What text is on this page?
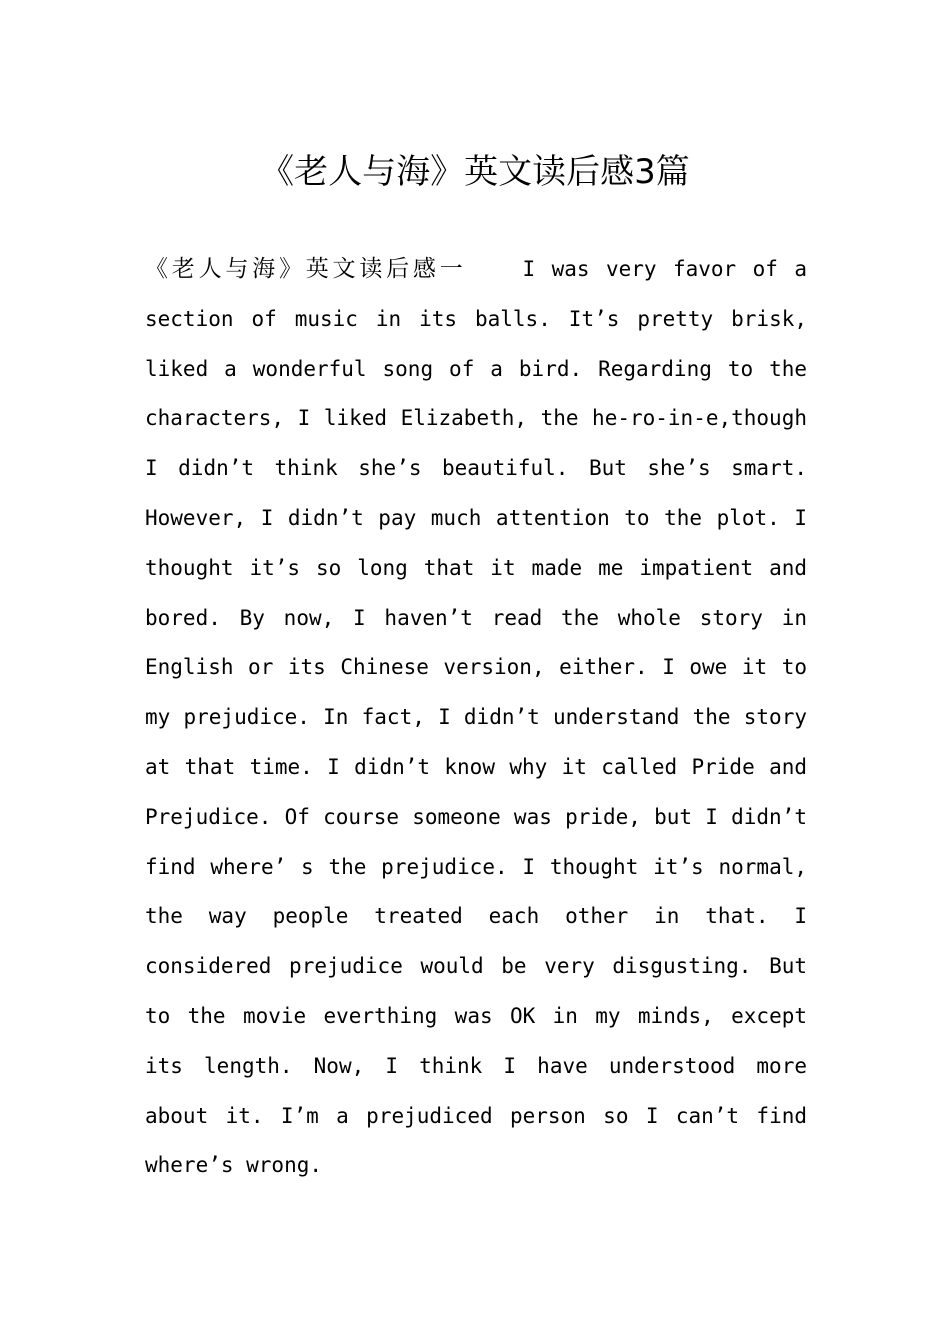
《老人与海》英文读后感3篇

《老人与海》英文读后感一	I was very favor of a section of music in its balls. It’s pretty brisk, liked a wonderful song of a bird. Regarding to the characters, I liked Elizabeth, the he-ro-in-e,though I didn’t think she’s beautiful. But she’s smart. However, I didn’t pay much attention to the plot. I thought it’s so long that it made me impatient and bored. By now, I haven’t read the whole story in English or its Chinese version, either. I owe it to my prejudice. In fact, I didn’t understand the story at that time. I didn’t know why it called Pride and Prejudice. Of course someone was pride, but I didn’t find where’ s the prejudice. I thought it’s normal, the way people treated each other in that. I considered prejudice would be very disgusting. But to the movie everthing was OK in my minds, except its length. Now, I think I have understood more about it. I’m a prejudiced person so I can’t find where’s wrong.
